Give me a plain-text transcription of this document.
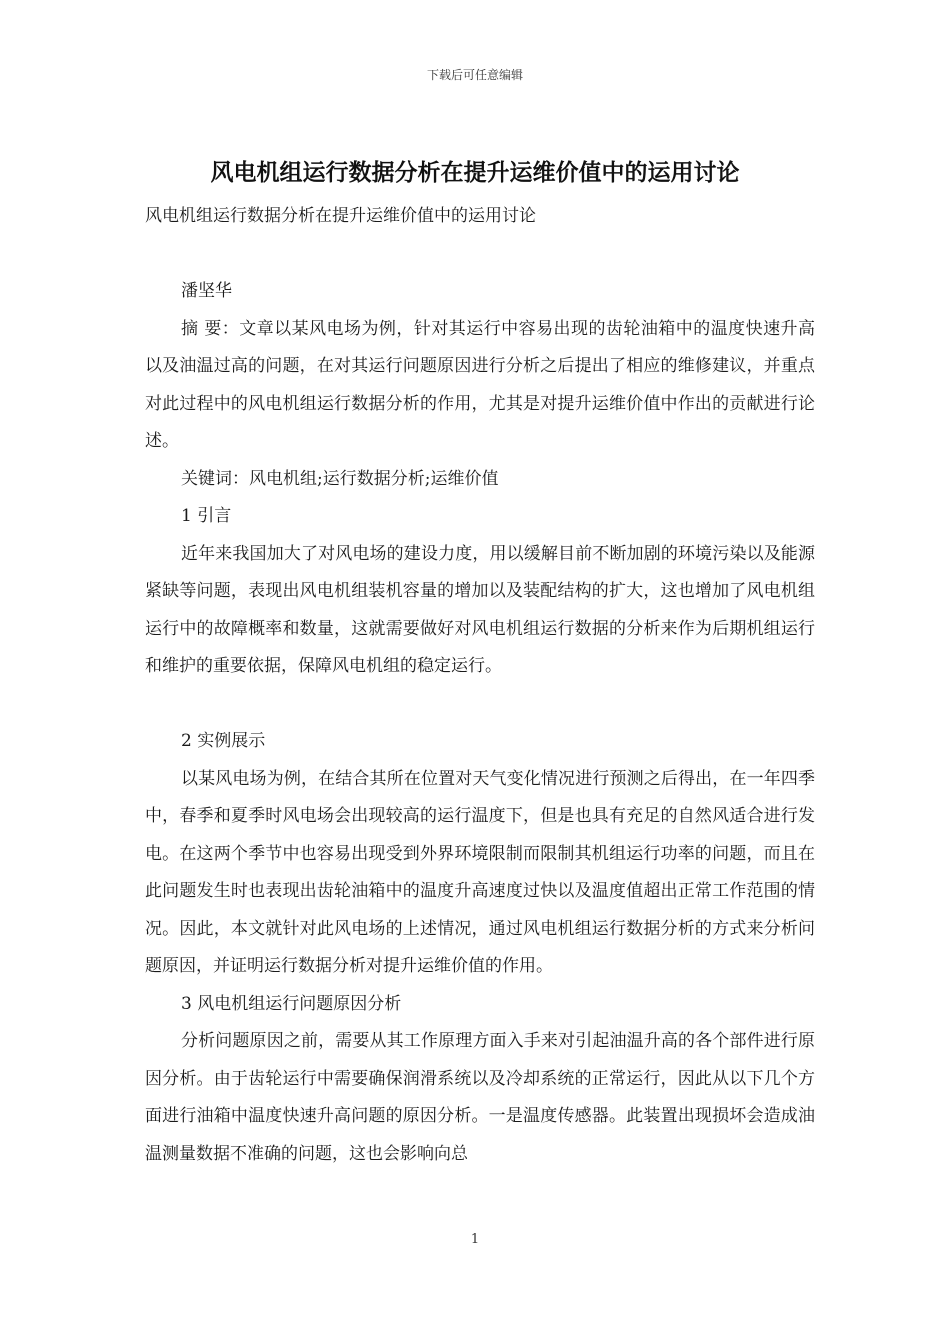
下载后可任意编辑
风电机组运行数据分析在提升运维价值中的运用讨论

风电机组运行数据分析在提升运维价值中的运用讨论

潘坚华

摘 要：文章以某风电场为例，针对其运行中容易出现的齿轮油箱中的温度快速升高以及油温过高的问题，在对其运行问题原因进行分析之后提出了相应的维修建议，并重点对此过程中的风电机组运行数据分析的作用，尤其是对提升运维价值中作出的贡献进行论述。

关键词：风电机组;运行数据分析;运维价值

1 引言

近年来我国加大了对风电场的建设力度，用以缓解目前不断加剧的环境污染以及能源紧缺等问题，表现出风电机组装机容量的增加以及装配结构的扩大，这也增加了风电机组运行中的故障概率和数量，这就需要做好对风电机组运行数据的分析来作为后期机组运行和维护的重要依据，保障风电机组的稳定运行。

2 实例展示

以某风电场为例，在结合其所在位置对天气变化情况进行预测之后得出，在一年四季中，春季和夏季时风电场会出现较高的运行温度下，但是也具有充足的自然风适合进行发电。在这两个季节中也容易出现受到外界环境限制而限制其机组运行功率的问题，而且在此问题发生时也表现出齿轮油箱中的温度升高速度过快以及温度值超出正常工作范围的情况。因此，本文就针对此风电场的上述情况，通过风电机组运行数据分析的方式来分析问题原因，并证明运行数据分析对提升运维价值的作用。

3 风电机组运行问题原因分析

分析问题原因之前，需要从其工作原理方面入手来对引起油温升高的各个部件进行原因分析。由于齿轮运行中需要确保润滑系统以及冷却系统的正常运行，因此从以下几个方面进行油箱中温度快速升高问题的原因分析。一是温度传感器。此装置出现损坏会造成油温测量数据不准确的问题，这也会影响向总

1
